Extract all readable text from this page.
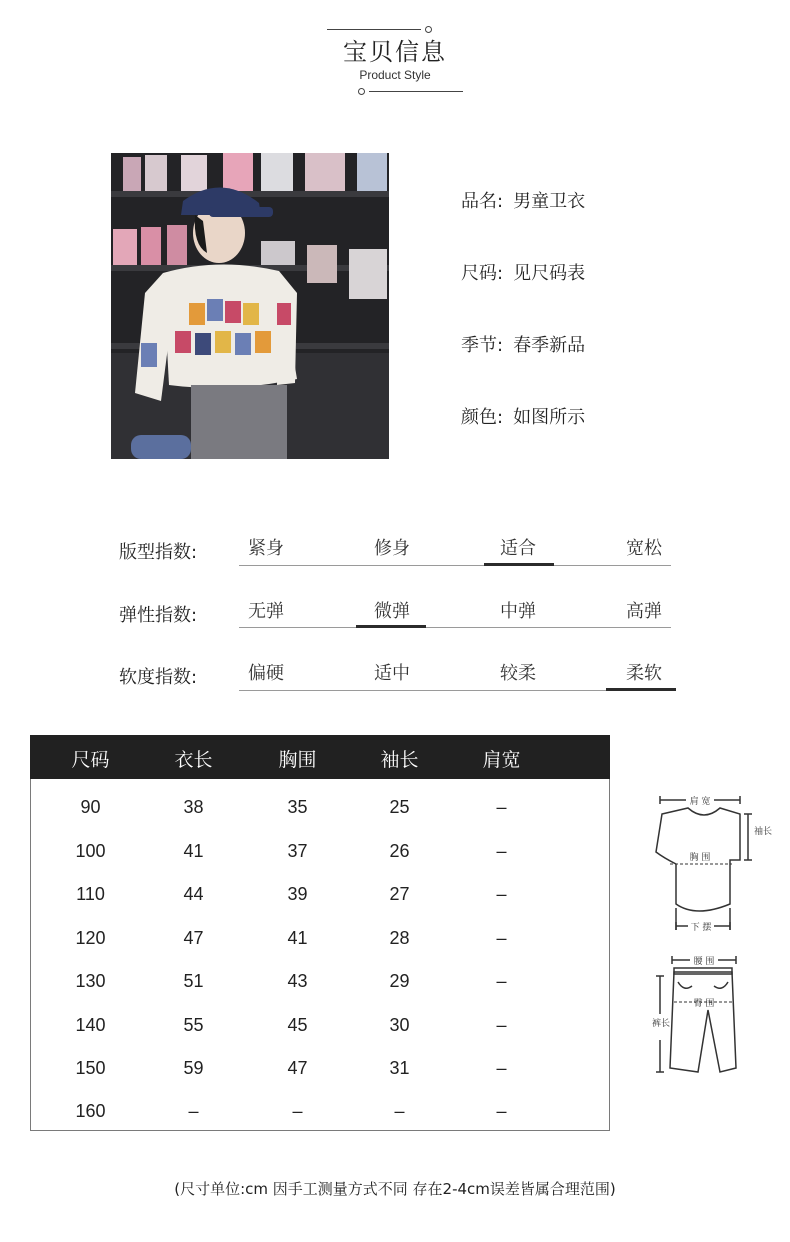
宝贝信息
Product Style
品名: 男童卫衣
尺码: 见尺码表
季节: 春季新品
颜色: 如图所示
版型指数:	紧身	修身	适合	宽松
弹性指数:	无弹	微弹	中弹	高弹
软度指数:	偏硬	适中	较柔	柔软
尺码	衣长	胸围	袖长	肩宽
90	38	35	25	–
100	41	37	26	–
110	44	39	27	–
120	47	41	28	–
130	51	43	29	–
140	55	45	30	–
150	59	47	31	–
160	–	–	–	–
肩 宽
袖长
胸 围
下 摆
腰 围
臀 围
裤长
(尺寸单位:cm 因手工测量方式不同 存在2-4cm误差皆属合理范围)
